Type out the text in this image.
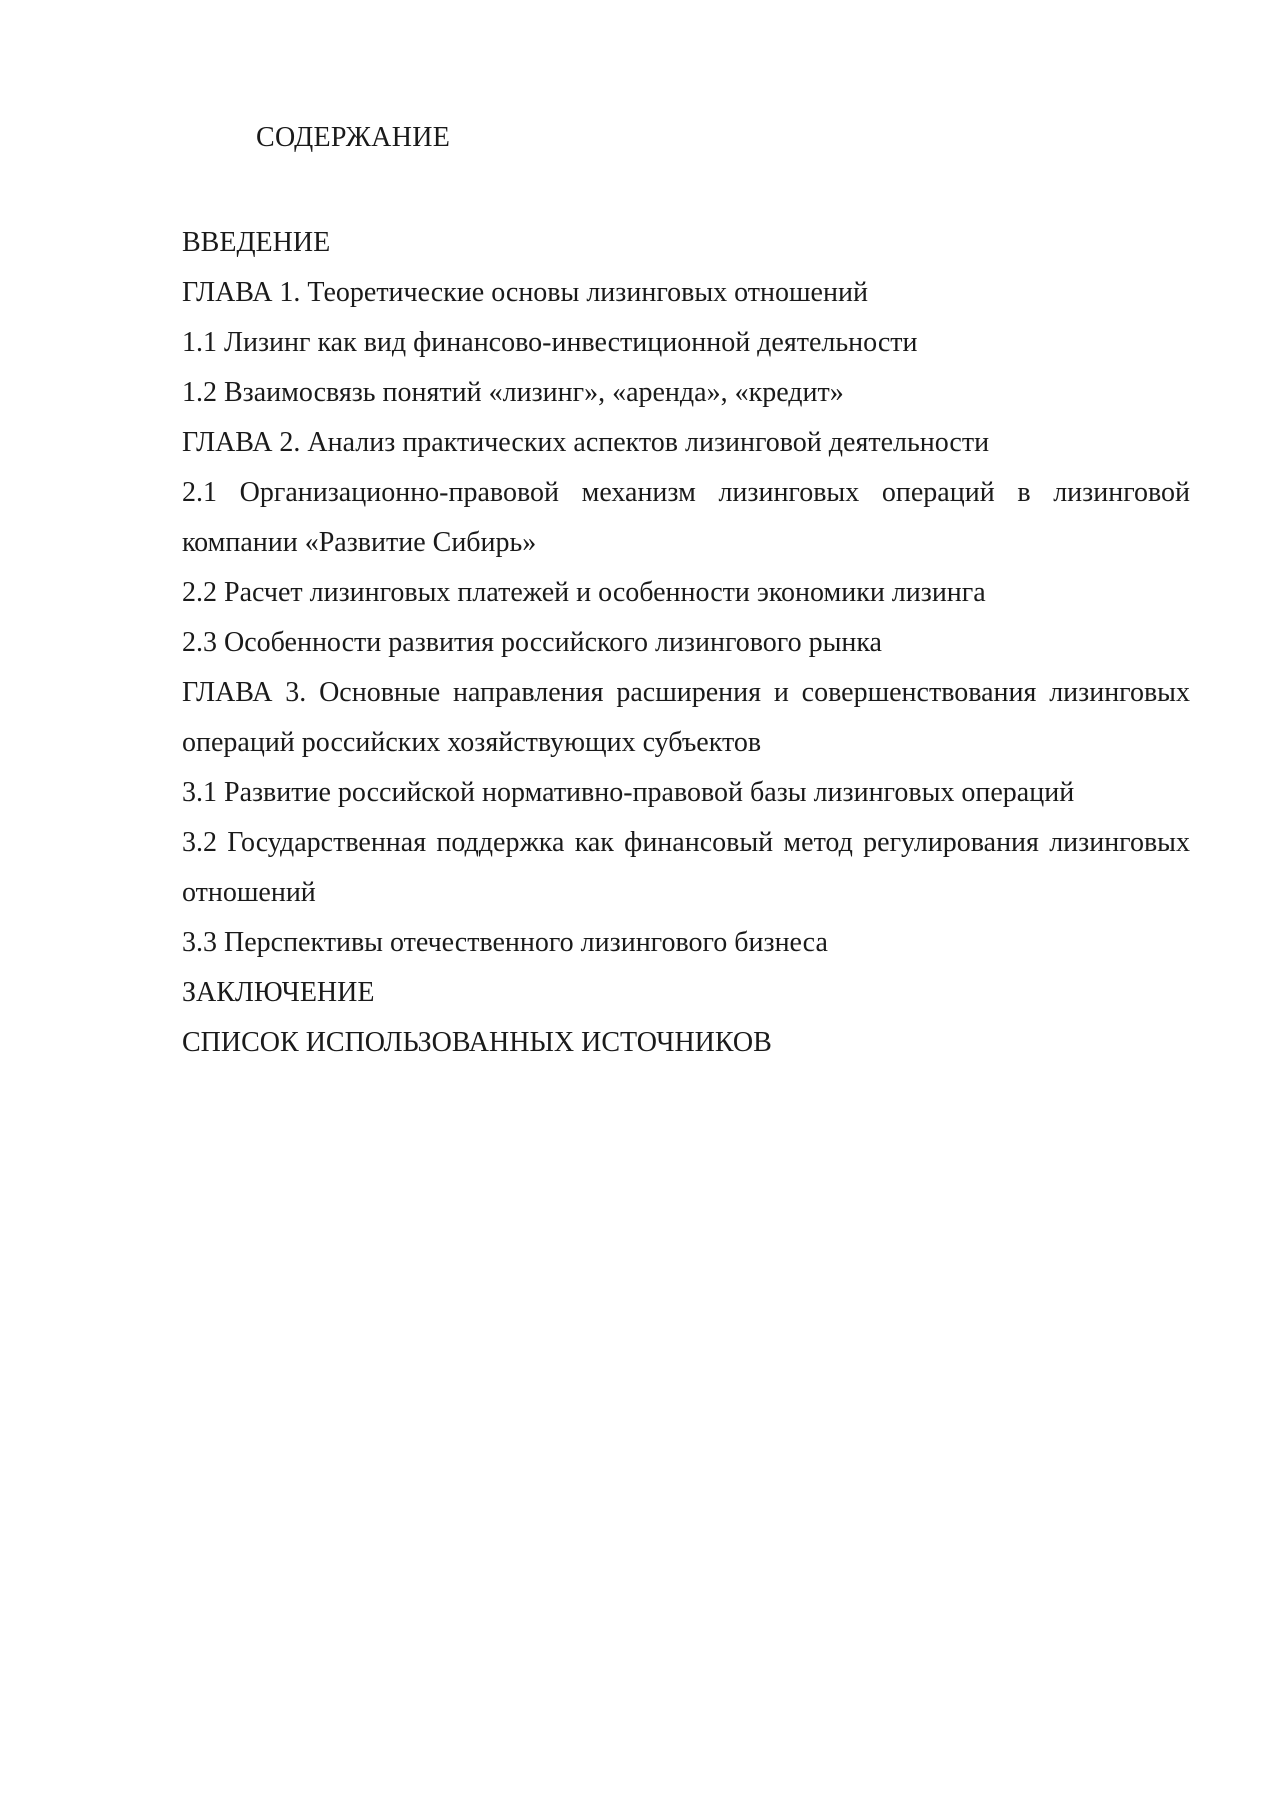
СОДЕРЖАНИЕ
ВВЕДЕНИЕ
ГЛАВА 1. Теоретические основы лизинговых отношений
1.1 Лизинг как вид финансово-инвестиционной деятельности
1.2 Взаимосвязь понятий «лизинг», «аренда», «кредит»
ГЛАВА 2. Анализ практических аспектов лизинговой деятельности
2.1 Организационно-правовой механизм лизинговых операций в лизинговой компании «Развитие Сибирь»
2.2 Расчет лизинговых платежей и особенности экономики лизинга
2.3 Особенности развития российского лизингового рынка
ГЛАВА 3. Основные направления расширения и совершенствования лизинговых операций российских хозяйствующих субъектов
3.1 Развитие российской нормативно-правовой базы лизинговых операций
3.2 Государственная поддержка как финансовый метод регулирования лизинговых отношений
3.3 Перспективы отечественного лизингового бизнеса
ЗАКЛЮЧЕНИЕ
СПИСОК ИСПОЛЬЗОВАННЫХ ИСТОЧНИКОВ
